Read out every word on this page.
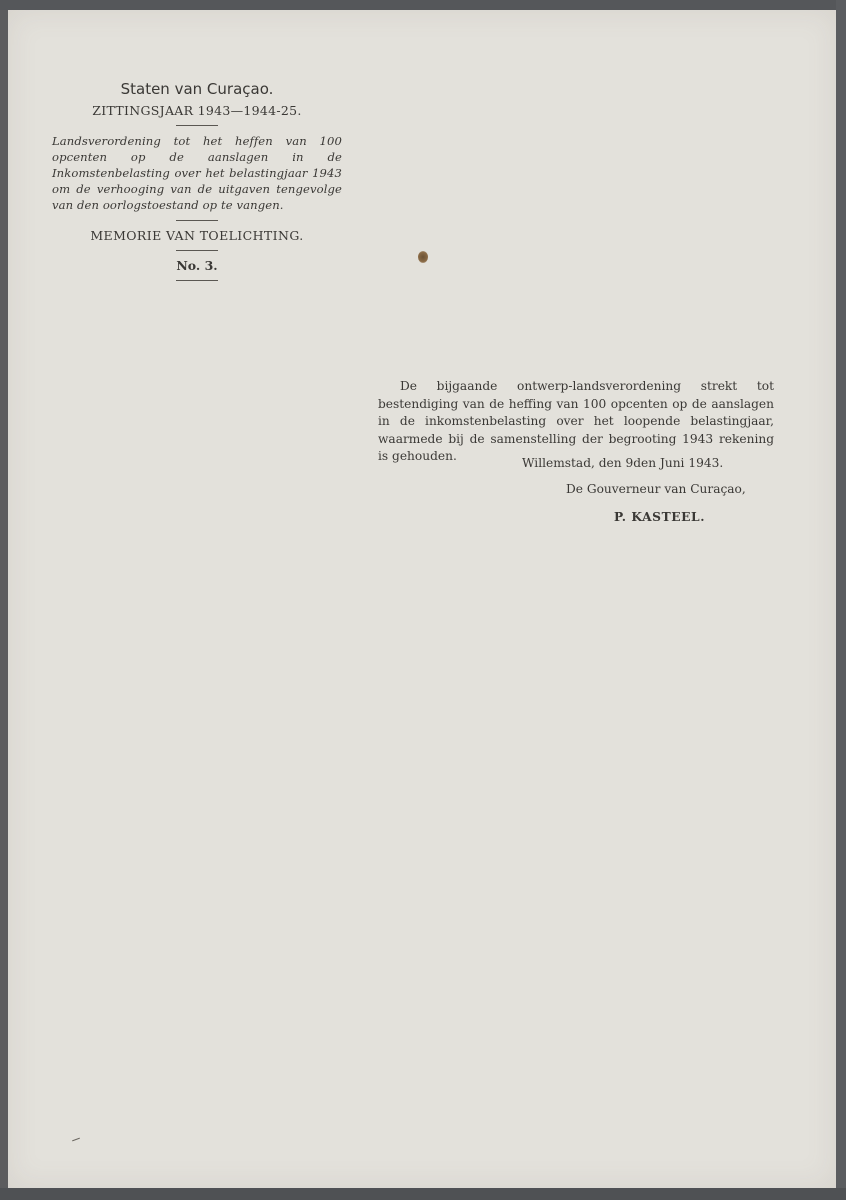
Staten van Curaçao.
ZITTINGSJAAR 1943—1944-25.
Landsverordening tot het heffen van 100 opcenten op de aanslagen in de Inkomstenbelasting over het belastingjaar 1943 om de verhooging van de uitgaven tengevolge van den oorlogstoestand op te vangen.
MEMORIE VAN TOELICHTING.
No. 3.

De bijgaande ontwerp-landsverordening strekt tot bestendiging van de heffing van 100 opcenten op de aanslagen in de inkomstenbelasting over het loopende belastingjaar, waarmede bij de samenstelling der begrooting 1943 rekening is gehouden.	Willemstad, den 9den Juni 1943.
De Gouverneur van Curaçao,
P. KASTEEL.
